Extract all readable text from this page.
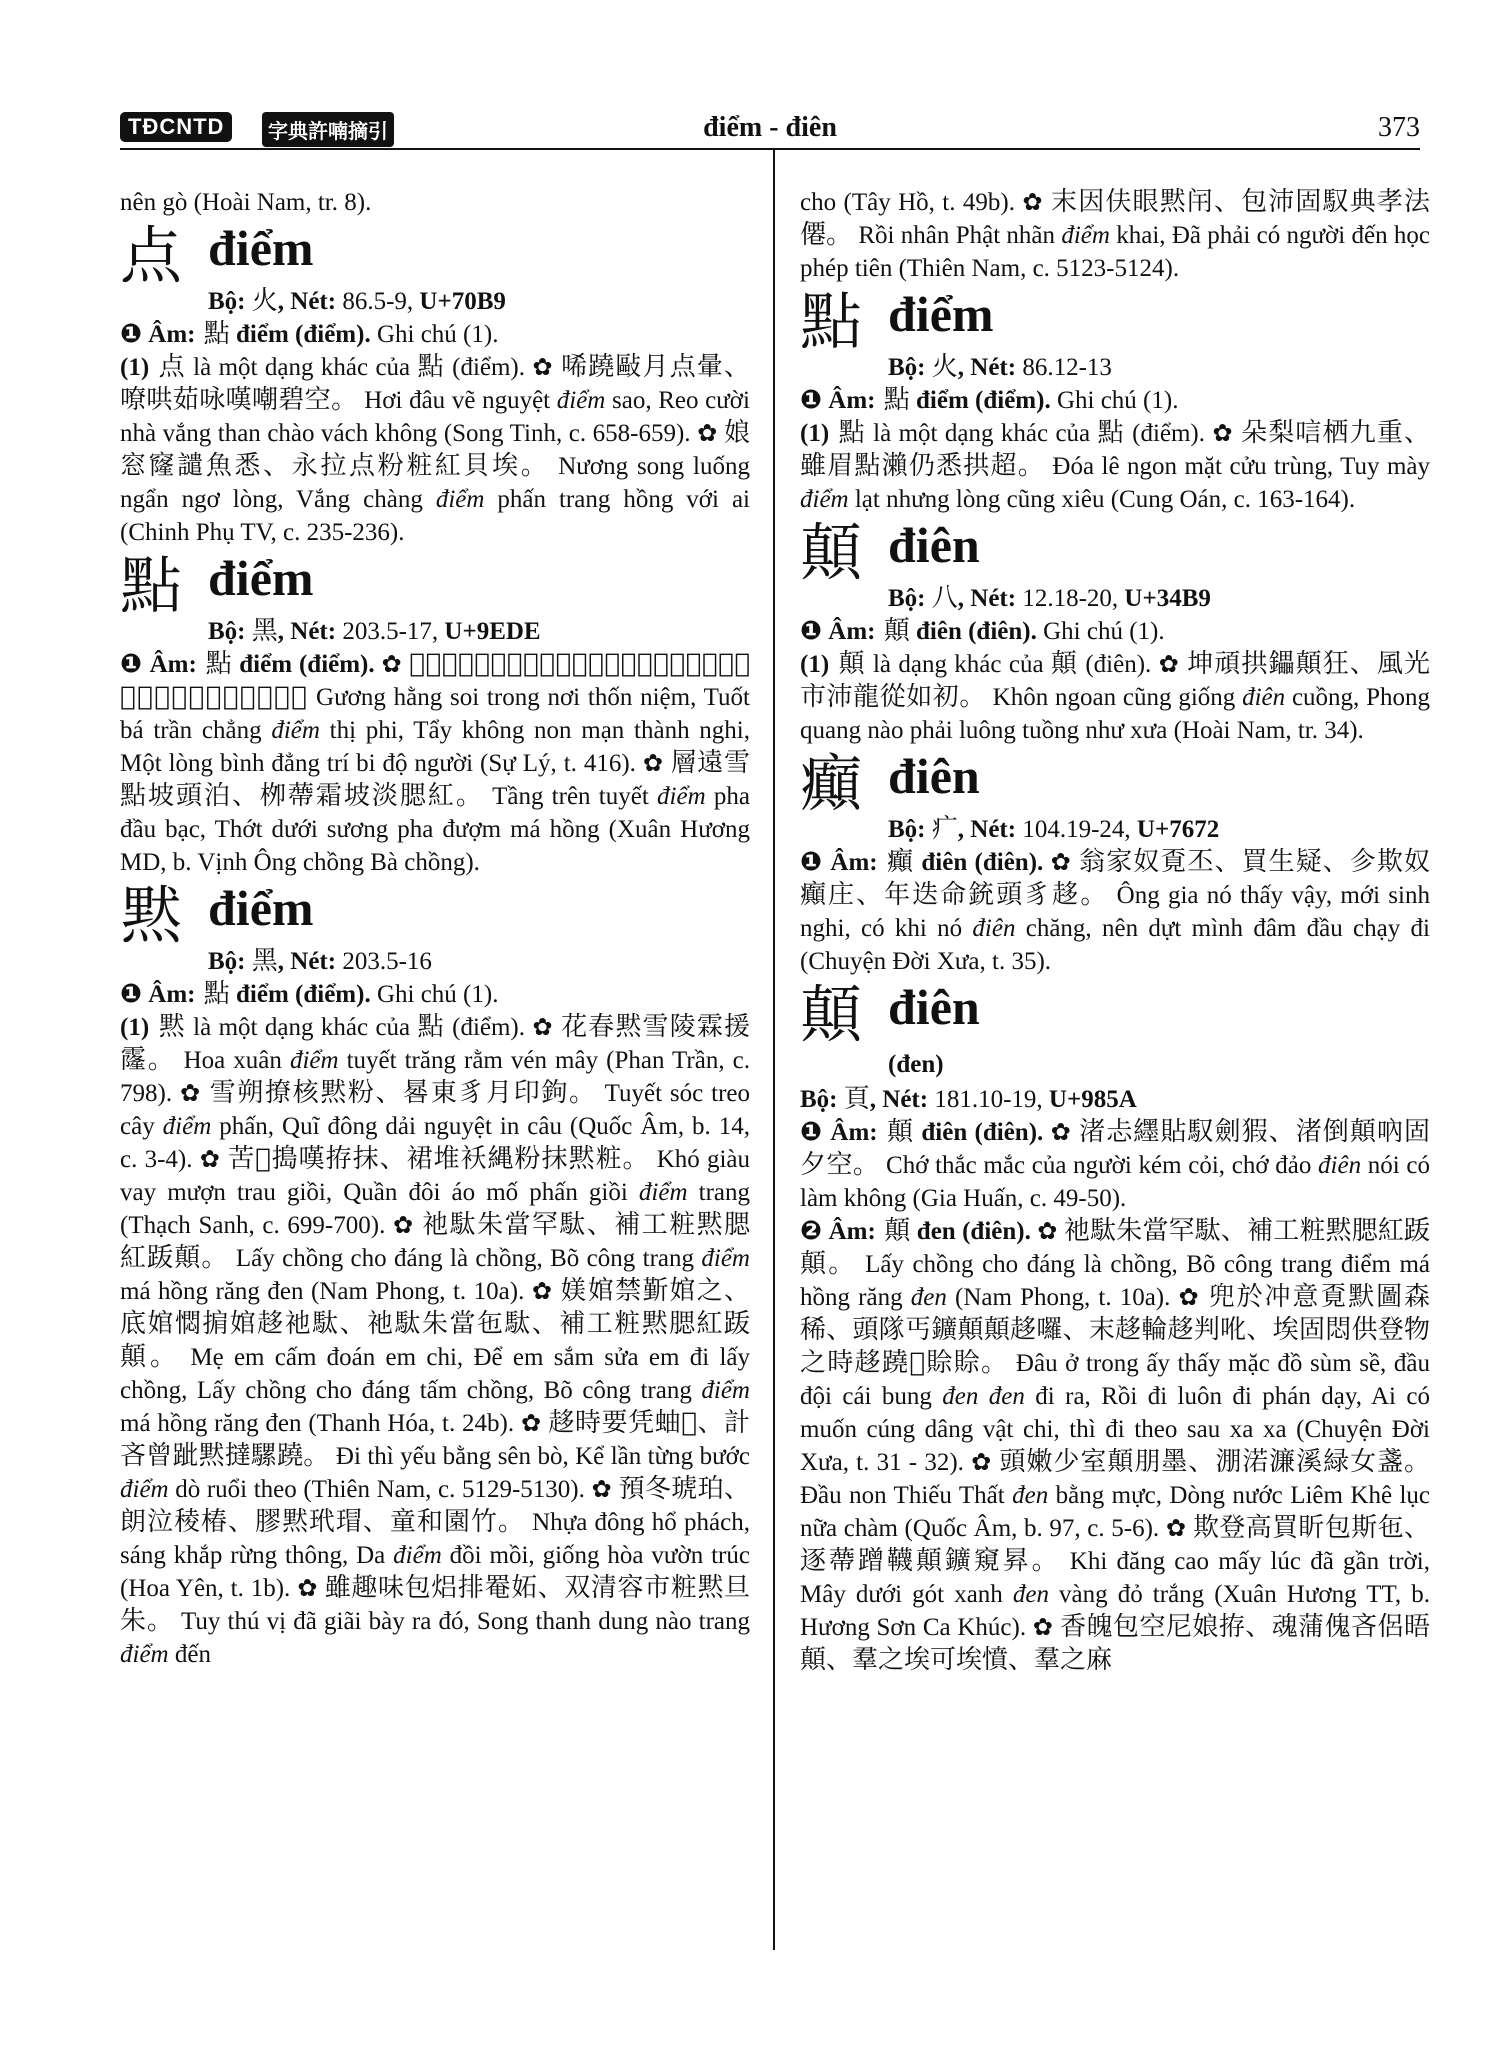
TĐCNTD	字典許喃摘引	điểm - điên	373

nên gò (Hoài Nam, tr. 8).

点 điểm

Bộ: 火, Nét: 86.5-9, U+70B9

❶ Âm: 點 điểm (điểm). Ghi chú (1).

(1) 点 là một dạng khác của 點 (điểm). ✿ 唏蹺敺月点暈、嘹哄茹咏嘆嘲碧空。 Hơi đâu vẽ nguyệt điểm sao, Reo cười nhà vắng than chào vách không (Song Tinh, c. 658-659). ✿ 娘窓窿譴魚悉、永拉点粉粧紅貝埃。 Nương song luống ngẩn ngơ lòng, Vắng chàng điểm phấn trang hồng với ai (Chinh Phụ TV, c. 235-236).

點 điểm

Bộ: 黑, Nét: 203.5-17, U+9EDE

❶ Âm: 點 điểm (điểm). ✿ 𩈘恒燸工尼寸念、悴播塵拯點是非、洗空嫩慢城疑、沒悉平等智悲度馭。 Gương hằng soi trong nơi thốn niệm, Tuốt bá trần chẳng điểm thị phi, Tẩy không non mạn thành nghi, Một lòng bình đẳng trí bi độ người (Sự Lý, t. 416). ✿ 層遠雪點坡頭泊、栁蔕霜坡淡腮紅。 Tầng trên tuyết điểm pha đầu bạc, Thớt dưới sương pha đượm má hồng (Xuân Hương MD, b. Vịnh Ông chồng Bà chồng).

黙 điểm

Bộ: 黑, Nét: 203.5-16

❶ Âm: 點 điểm (điểm). Ghi chú (1).

(1) 黙 là một dạng khác của 點 (điểm). ✿ 花春黙雪陵霖援霳。 Hoa xuân điểm tuyết trăng rằm vén mây (Phan Trần, c. 798). ✿ 雪朔撩核黙粉、晷東豸月印鉤。 Tuyết sóc treo cây điểm phấn, Quĩ đông dải nguyệt in câu (Quốc Âm, b. 14, c. 3-4). ✿ 苦𩵜搗嘆拵抹、裙堆袄縄粉抹黙粧。 Khó giàu vay mượn trau giồi, Quần đôi áo mố phấn giồi điểm trang (Thạch Sanh, c. 699-700). ✿ 祂駄朱當罕駄、補工粧黙腮紅䟦顛。 Lấy chồng cho đáng là chồng, Bõ công trang điểm má hồng răng đen (Nam Phong, t. 10a). ✿ 媄婠禁斳婠之、底婠㦖掮婠趍祂駄、祂駄朱當㐌駄、補工粧黙腮紅䟦顛。 Mẹ em cấm đoán em chi, Để em sắm sửa em đi lấy chồng, Lấy chồng cho đáng tấm chồng, Bõ công trang điểm má hồng răng đen (Thanh Hóa, t. 24b). ✿ 趍時要凭蚰𨇒、計吝曾跐黙撻騾蹺。 Đi thì yếu bằng sên bò, Kể lần từng bước điểm dò ruổi theo (Thiên Nam, c. 5129-5130). ✿ 預冬琥珀、朗泣稜椿、膠黙玳瑁、童和園竹。 Nhựa đông hổ phách, sáng khắp rừng thông, Da điểm đồi mồi, giống hòa vườn trúc (Hoa Yên, t. 1b). ✿ 雖趣味包焒排罨妬、双清容市粧黙旦朱。 Tuy thú vị đã giãi bày ra đó, Song thanh dung nào trang điểm đến

cho (Tây Hồ, t. 49b). ✿ 末因伕眼黙闬、包沛固馭典孝法僊。 Rồi nhân Phật nhãn điểm khai, Đã phải có người đến học phép tiên (Thiên Nam, c. 5123-5124).

點 điểm

Bộ: 火, Nét: 86.12-13

❶ Âm: 點 điểm (điểm). Ghi chú (1).

(1) 點 là một dạng khác của 點 (điểm). ✿ 朵梨唁栖九重、雖眉點瀨仍悉拱超。 Đóa lê ngon mặt cửu trùng, Tuy mày điểm lạt nhưng lòng cũng xiêu (Cung Oán, c. 163-164).

顛 điên

Bộ: 八, Nét: 12.18-20, U+34B9

❶ Âm: 顛 điên (điên). Ghi chú (1).

(1) 顛 là dạng khác của 顛 (điên). ✿ 坤頑拱鑘顛狂、風光市沛龍從如初。 Khôn ngoan cũng giống điên cuồng, Phong quang nào phải luông tuồng như xưa (Hoài Nam, tr. 34).

癲 điên

Bộ: 疒, Nét: 104.19-24, U+7672

❶ Âm: 癲 điên (điên). ✿ 翁家奴覔丕、買生疑、㐱欺奴癲庄、年迭命銃頭豸趍。 Ông gia nó thấy vậy, mới sinh nghi, có khi nó điên chăng, nên dựt mình đâm đầu chạy đi (Chuyện Đời Xưa, t. 35).

顛 điên

(đen)

Bộ: 頁, Nét: 181.10-19, U+985A

❶ Âm: 顛 điên (điên). ✿ 渚忐纆貼馭劍猳、渚倒顛吶固夕空。 Chớ thắc mắc của người kém cỏi, chớ đảo điên nói có làm không (Gia Huấn, c. 49-50).

❷ Âm: 顛 đen (điên). ✿ 祂駄朱當罕駄、補工粧黙腮紅䟦顛。 Lấy chồng cho đáng là chồng, Bõ công trang điểm má hồng răng đen (Nam Phong, t. 10a). ✿ 兜於冲意覔默圖森稀、頭隊丐鑛顛顛趍囉、末趍輪趍判吪、埃固悶供登物之時趍蹺𨀈賒賒。 Đâu ở trong ấy thấy mặc đồ sùm sề, đầu đội cái bung đen đen đi ra, Rồi đi luôn đi phán dạy, Ai có muốn cúng dâng vật chi, thì đi theo sau xa xa (Chuyện Đời Xưa, t. 31 - 32). ✿ 頭嫩少室顛朋墨、淜渃濂溪緑女盞。 Đầu non Thiếu Thất đen bằng mực, Dòng nước Liêm Khê lục nữa chàm (Quốc Âm, b. 97, c. 5-6). ✿ 欺登高買盺包斯㐌、逐蔕蹭韈顛鑛窺昪。 Khi đăng cao mấy lúc đã gần trời, Mây dưới gót xanh đen vàng đỏ trắng (Xuân Hương TT, b. Hương Sơn Ca Khúc). ✿ 香魄包空尼娘拵、魂蒲傀吝侶晤顛、羣之埃可埃憤、羣之麻
